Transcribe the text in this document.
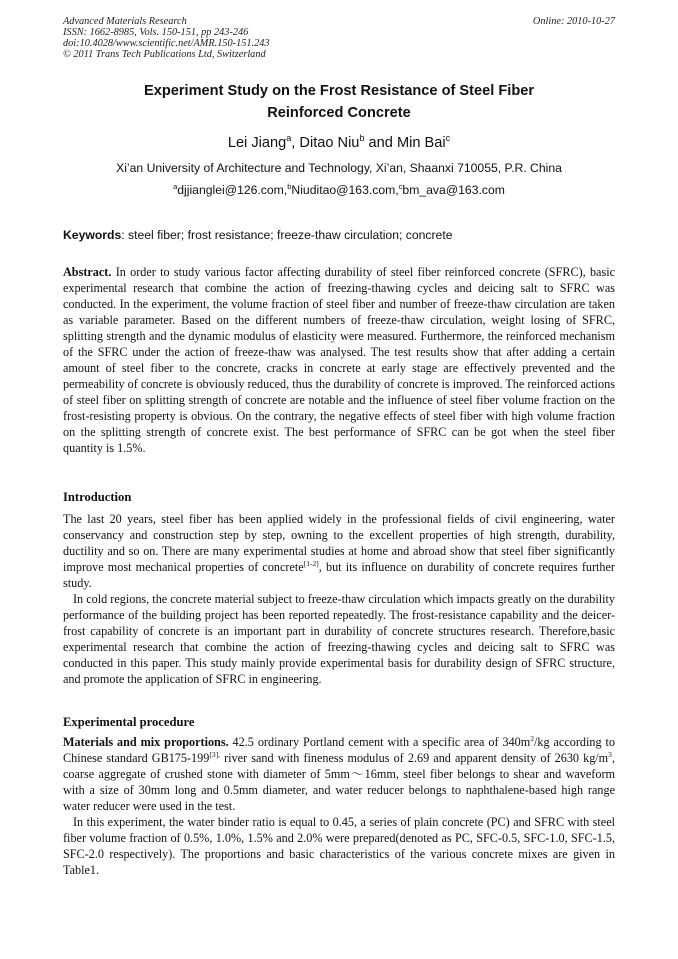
Advanced Materials Research
ISSN: 1662-8985, Vols. 150-151, pp 243-246
doi:10.4028/www.scientific.net/AMR.150-151.243
© 2011 Trans Tech Publications Ltd, Switzerland
Online: 2010-10-27
Experiment Study on the Frost Resistance of Steel Fiber
Reinforced Concrete
Lei Jiang$^a$, Ditao Niu$^b$ and Min Bai$^c$
Xi’an University of Architecture and Technology, Xi’an, Shaanxi 710055, P.R. China
$^a$djjianglei@126.com,$^b$Niuditao@163.com,$^c$bm_ava@163.com
Keywords: steel fiber; frost resistance; freeze-thaw circulation; concrete

Abstract. In order to study various factor affecting durability of steel fiber reinforced concrete (SFRC), basic experimental research that combine the action of freezing-thawing cycles and deicing salt to SFRC was conducted. In the experiment, the volume fraction of steel fiber and number of freeze-thaw circulation are taken as variable parameter. Based on the different numbers of freeze-thaw circulation, weight losing of SFRC, splitting strength and the dynamic modulus of elasticity were measured. Furthermore, the reinforced mechanism of the SFRC under the action of freeze-thaw was analysed. The test results show that after adding a certain amount of steel fiber to the concrete, cracks in concrete at early stage are effectively prevented and the permeability of concrete is obviously reduced, thus the durability of concrete is improved. The reinforced actions of steel fiber on splitting strength of concrete are notable and the influence of steel fiber volume fraction on the frost-resisting property is obvious. On the contrary, the negative effects of steel fiber with high volume fraction on the splitting strength of concrete exist. The best performance of SFRC can be got when the steel fiber quantity is 1.5%.

Introduction

The last 20 years, steel fiber has been applied widely in the professional fields of civil engineering, water conservancy and construction step by step, owning to the excellent properties of high strength, durability, ductility and so on. There are many experimental studies at home and abroad show that steel fiber significantly improve most mechanical properties of concrete[1-2], but its influence on durability of concrete requires further study.

In cold regions, the concrete material subject to freeze-thaw circulation which impacts greatly on the durability performance of the building project has been reported repeatedly. The frost-resistance capability and the deicer-frost capability of concrete is an important part in durability of concrete structures research. Therefore,basic experimental research that combine the action of freezing-thawing cycles and deicing salt to SFRC was conducted in this paper. This study mainly provide experimental basis for durability design of SFRC structure, and promote the application of SFRC in engineering.

Experimental procedure

Materials and mix proportions. 42.5 ordinary Portland cement with a specific area of $340m^2/kg$ according to Chinese standard $GB175-199^{[3],}$ river sand with fineness modulus of 2.69 and apparent density of 2630 $kg/m^3$, coarse aggregate of crushed stone with diameter of 5mm～16mm, steel fiber belongs to shear and waveform with a size of 30mm long and 0.5mm diameter, and water reducer belongs to naphthalene-based high range water reducer were used in the test.

In this experiment, the water binder ratio is equal to 0.45, a series of plain concrete (PC) and SFRC with steel fiber volume fraction of 0.5%, 1.0%, 1.5% and 2.0% were prepared(denoted as PC, SFC-0.5, SFC-1.0, SFC-1.5, SFC-2.0 respectively). The proportions and basic characteristics of the various concrete mixes are given in Table1.
